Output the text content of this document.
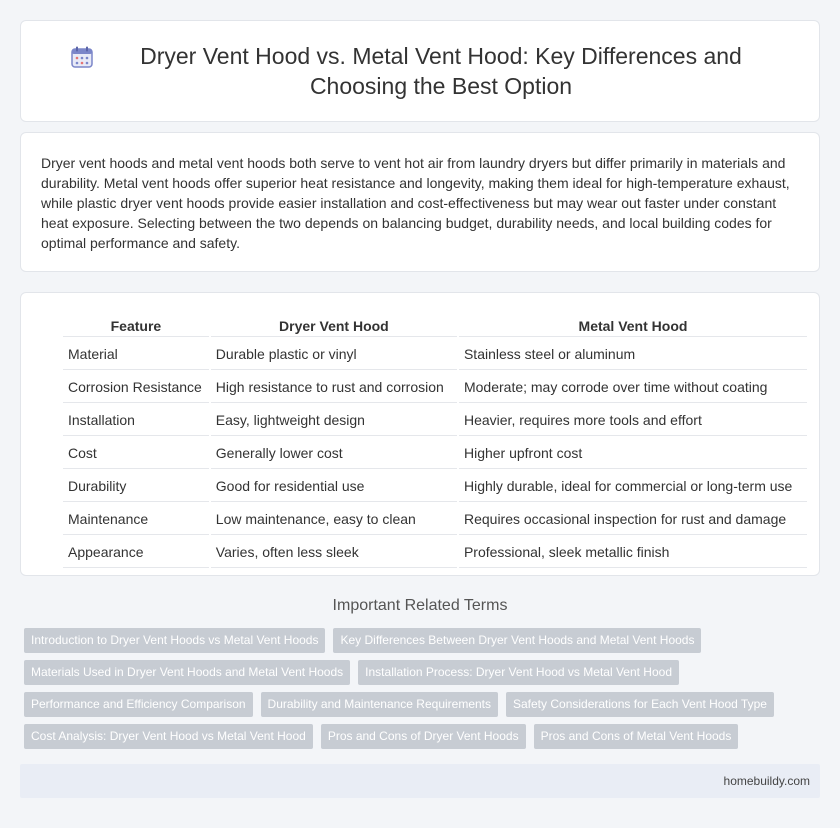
Dryer Vent Hood vs. Metal Vent Hood: Key Differences and Choosing the Best Option

Dryer vent hoods and metal vent hoods both serve to vent hot air from laundry dryers but differ primarily in materials and durability. Metal vent hoods offer superior heat resistance and longevity, making them ideal for high-temperature exhaust, while plastic dryer vent hoods provide easier installation and cost-effectiveness but may wear out faster under constant heat exposure. Selecting between the two depends on balancing budget, durability needs, and local building codes for optimal performance and safety.

Feature	Dryer Vent Hood	Metal Vent Hood
Material	Durable plastic or vinyl	Stainless steel or aluminum
Corrosion Resistance	High resistance to rust and corrosion	Moderate; may corrode over time without coating
Installation	Easy, lightweight design	Heavier, requires more tools and effort
Cost	Generally lower cost	Higher upfront cost
Durability	Good for residential use	Highly durable, ideal for commercial or long-term use
Maintenance	Low maintenance, easy to clean	Requires occasional inspection for rust and damage
Appearance	Varies, often less sleek	Professional, sleek metallic finish
Important Related Terms
Introduction to Dryer Vent Hoods vs Metal Vent Hoods	Key Differences Between Dryer Vent Hoods and Metal Vent Hoods
Materials Used in Dryer Vent Hoods and Metal Vent Hoods	Installation Process: Dryer Vent Hood vs Metal Vent Hood
Performance and Efficiency Comparison	Durability and Maintenance Requirements	Safety Considerations for Each Vent Hood Type
Cost Analysis: Dryer Vent Hood vs Metal Vent Hood	Pros and Cons of Dryer Vent Hoods	Pros and Cons of Metal Vent Hoods
homebuildy.com
